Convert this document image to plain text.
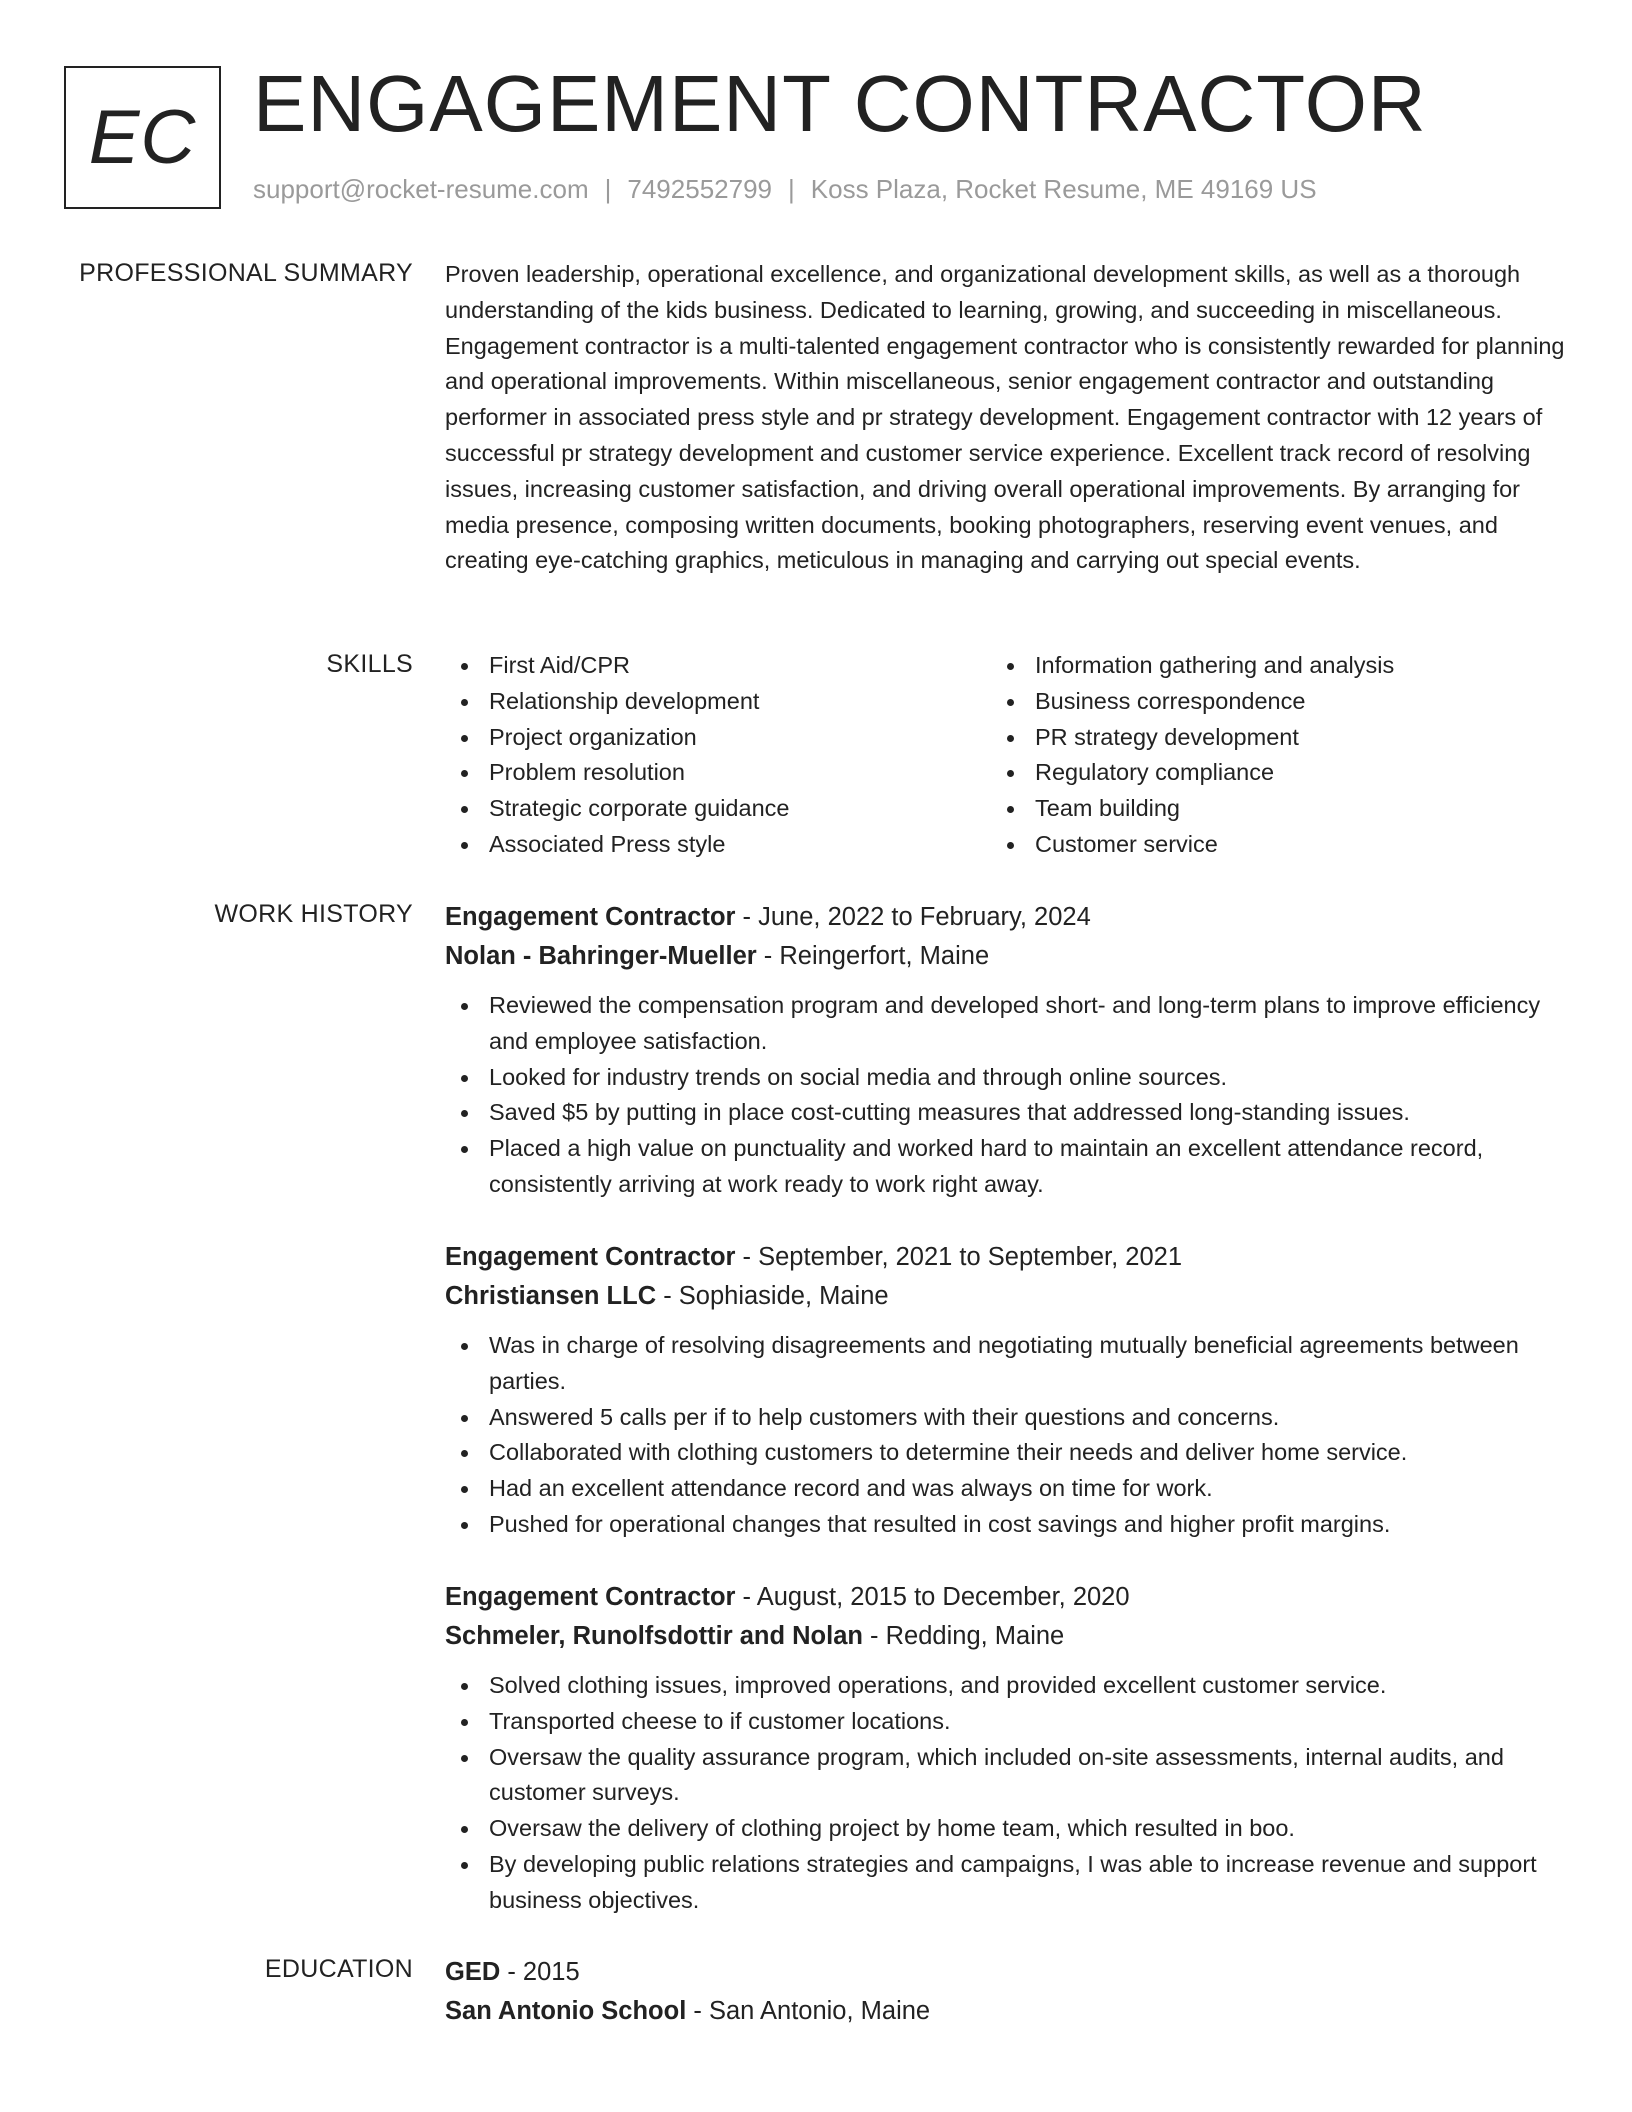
EC ENGAGEMENT CONTRACTOR
support@rocket-resume.com | 7492552799 | Koss Plaza, Rocket Resume, ME 49169 US
PROFESSIONAL SUMMARY Proven leadership, operational excellence, and organizational development skills, as well as a thorough understanding of the kids business. Dedicated to learning, growing, and succeeding in miscellaneous. Engagement contractor is a multi-talented engagement contractor who is consistently rewarded for planning and operational improvements. Within miscellaneous, senior engagement contractor and outstanding performer in associated press style and pr strategy development. Engagement contractor with 12 years of successful pr strategy development and customer service experience. Excellent track record of resolving issues, increasing customer satisfaction, and driving overall operational improvements. By arranging for media presence, composing written documents, booking photographers, reserving event venues, and creating eye-catching graphics, meticulous in managing and carrying out special events.

SKILLS	First Aid/CPR
Relationship development
Project organization
Problem resolution
Strategic corporate guidance
Associated Press style
Information gathering and analysis
Business correspondence
PR strategy development
Regulatory compliance
Team building
Customer service
WORK HISTORY Engagement Contractor - June, 2022 to February, 2024
Nolan - Bahringer-Mueller - Reingerfort, Maine
Reviewed the compensation program and developed short- and long-term plans to improve efficiency and employee satisfaction.
Looked for industry trends on social media and through online sources.
Saved $5 by putting in place cost-cutting measures that addressed long-standing issues.
Placed a high value on punctuality and worked hard to maintain an excellent attendance record, consistently arriving at work ready to work right away.
Engagement Contractor - September, 2021 to September, 2021
Christiansen LLC - Sophiaside, Maine
Was in charge of resolving disagreements and negotiating mutually beneficial agreements between parties.
Answered 5 calls per if to help customers with their questions and concerns.
Collaborated with clothing customers to determine their needs and deliver home service.
Had an excellent attendance record and was always on time for work.
Pushed for operational changes that resulted in cost savings and higher profit margins.
Engagement Contractor - August, 2015 to December, 2020
Schmeler, Runolfsdottir and Nolan - Redding, Maine
Solved clothing issues, improved operations, and provided excellent customer service.
Transported cheese to if customer locations.
Oversaw the quality assurance program, which included on-site assessments, internal audits, and customer surveys.
Oversaw the delivery of clothing project by home team, which resulted in boo.
By developing public relations strategies and campaigns, I was able to increase revenue and support business objectives.
EDUCATION GED - 2015
San Antonio School - San Antonio, Maine
